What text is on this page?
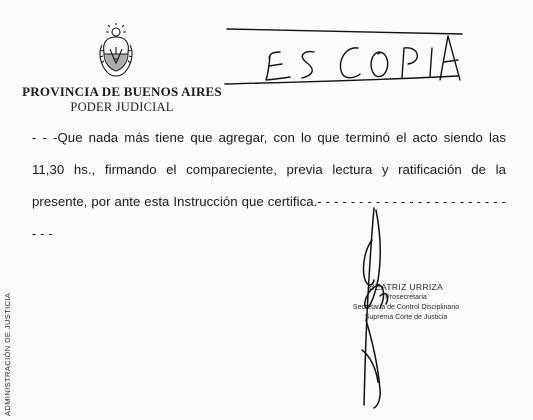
PROVINCIA DE BUENOS AIRES
PODER JUDICIAL
- - -Que nada más tiene que agregar, con lo que terminó el acto siendo las 11,30 hs., firmando el compareciente, previa lectura y ratificación de la presente, por ante esta Instrucción que certifica.- - - - - - - - - - - - - - - - - - - - - - - - - -
BEATRIZ URRIZA
Prosecretaria
Secretaría de Control Disciplinario
Suprema Corte de Justicia
ADMINISTRACIÓN DE JUSTICIA
